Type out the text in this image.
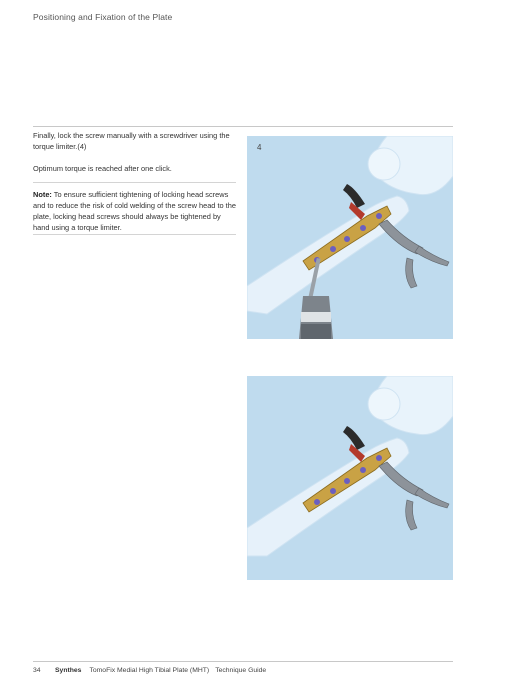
Positioning and Fixation of the Plate

Finally, lock the screw manually with a screwdriver using the torque limiter.(4)

Optimum torque is reached after one click.

Note: To ensure sufficient tightening of locking head screws and to reduce the risk of cold welding of the screw head to the plate, locking head screws should always be tightened by hand using a torque limiter.

4
34 Synthes TomoFix Medial High Tibial Plate (MHT) Technique Guide
